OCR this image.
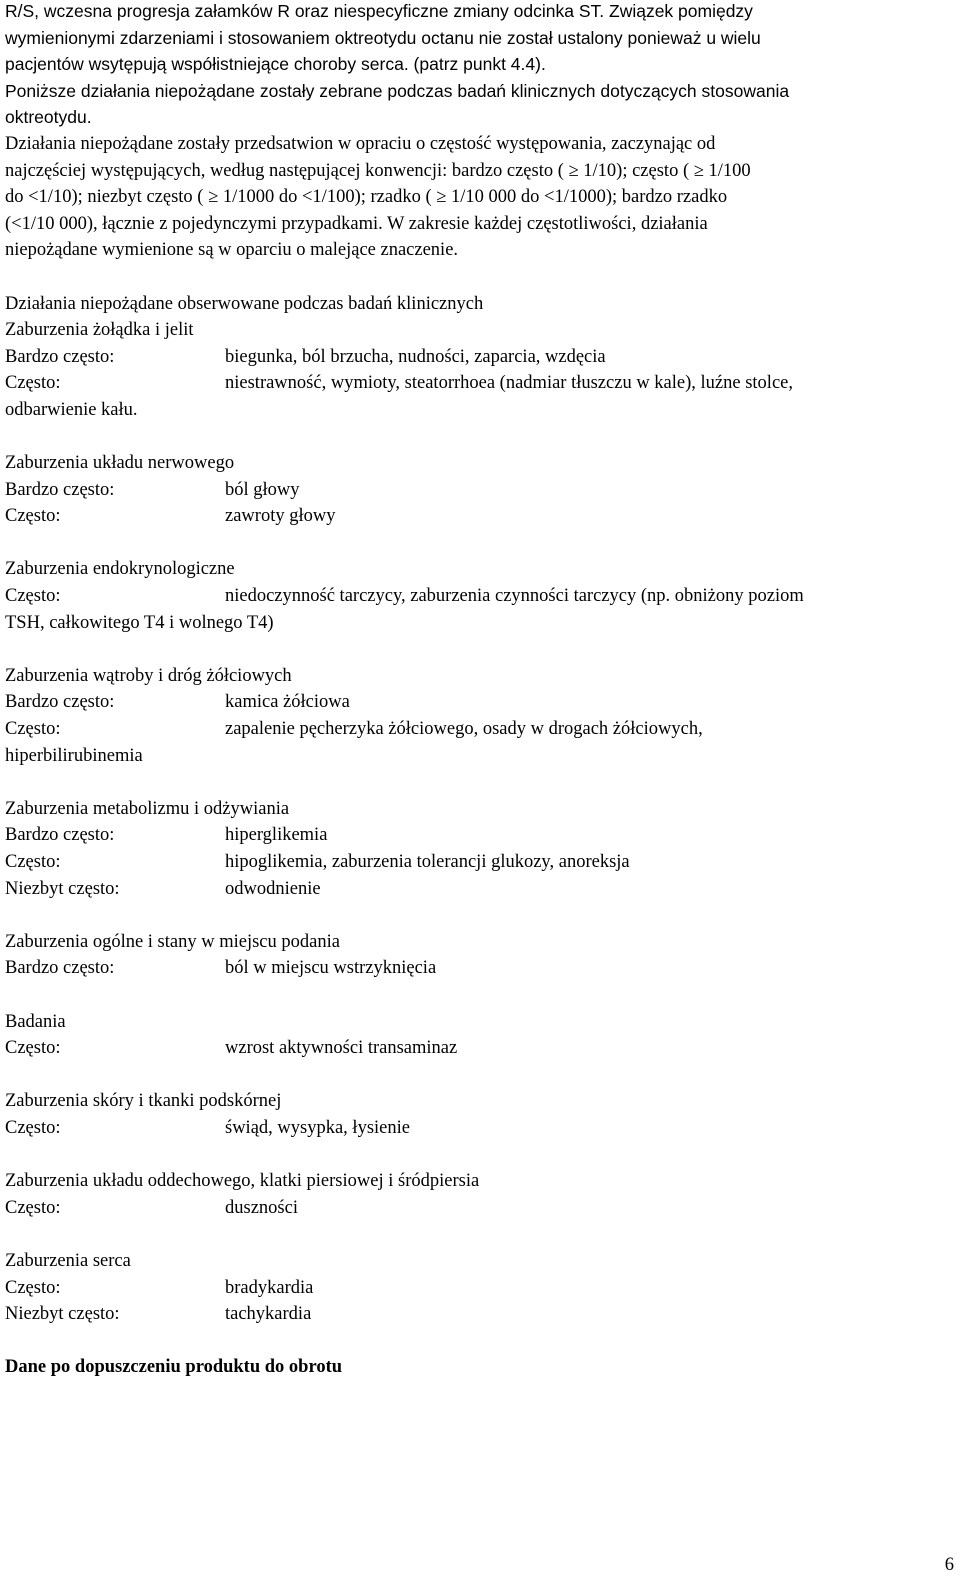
R/S, wczesna progresja załamków R oraz niespecyficzne zmiany odcinka ST. Związek pomiędzy
wymienionymi zdarzeniami i stosowaniem oktreotydu octanu nie został ustalony ponieważ u wielu
pacjentów wsytępują współistniejące choroby serca. (patrz punkt 4.4).
Poniższe działania niepożądane zostały zebrane podczas badań klinicznych dotyczących stosowania
oktreotydu.
Działania niepożądane zostały przedsatwion w opraciu o częstość występowania, zaczynając od
najczęściej występujących, według następującej konwencji: bardzo często ( ≥ 1/10); często ( ≥ 1/100
do <1/10); niezbyt często ( ≥ 1/1000 do <1/100); rzadko ( ≥ 1/10 000 do <1/1000); bardzo rzadko
(<1/10 000), łącznie z pojedynczymi przypadkami. W zakresie każdej częstotliwości, działania
niepożądane wymienione są w oparciu o malejące znaczenie.
Działania niepożądane obserwowane podczas badań klinicznych
Zaburzenia żołądka i jelit
Bardzo często:	biegunka, ból brzucha, nudności, zaparcia, wzdęcia
Często:	niestrawność, wymioty, steatorrhoea (nadmiar tłuszczu w kale), luźne stolce,
odbarwienie kału.
Zaburzenia układu nerwowego
Bardzo często:	ból głowy
Często:	zawroty głowy
Zaburzenia endokrynologiczne
Często:	niedoczynność tarczycy, zaburzenia czynności tarczycy (np. obniżony poziom
TSH, całkowitego T4 i wolnego T4)
Zaburzenia wątroby i dróg żółciowych
Bardzo często:	kamica żółciowa
Często:	zapalenie pęcherzyka żółciowego, osady w drogach żółciowych,
hiperbilirubinemia
Zaburzenia metabolizmu i odżywiania
Bardzo często:	hiperglikemia
Często:	hipoglikemia, zaburzenia tolerancji glukozy, anoreksja
Niezbyt często:	odwodnienie
Zaburzenia ogólne i stany w miejscu podania
Bardzo często:	ból w miejscu wstrzyknięcia
Badania
Często:	wzrost aktywności transaminaz
Zaburzenia skóry i tkanki podskórnej
Często:	świąd, wysypka, łysienie
Zaburzenia układu oddechowego, klatki piersiowej i śródpiersia
Często:	duszności
Zaburzenia serca
Często:	bradykardia
Niezbyt często:	tachykardia
Dane po dopuszczeniu produktu do obrotu
6
